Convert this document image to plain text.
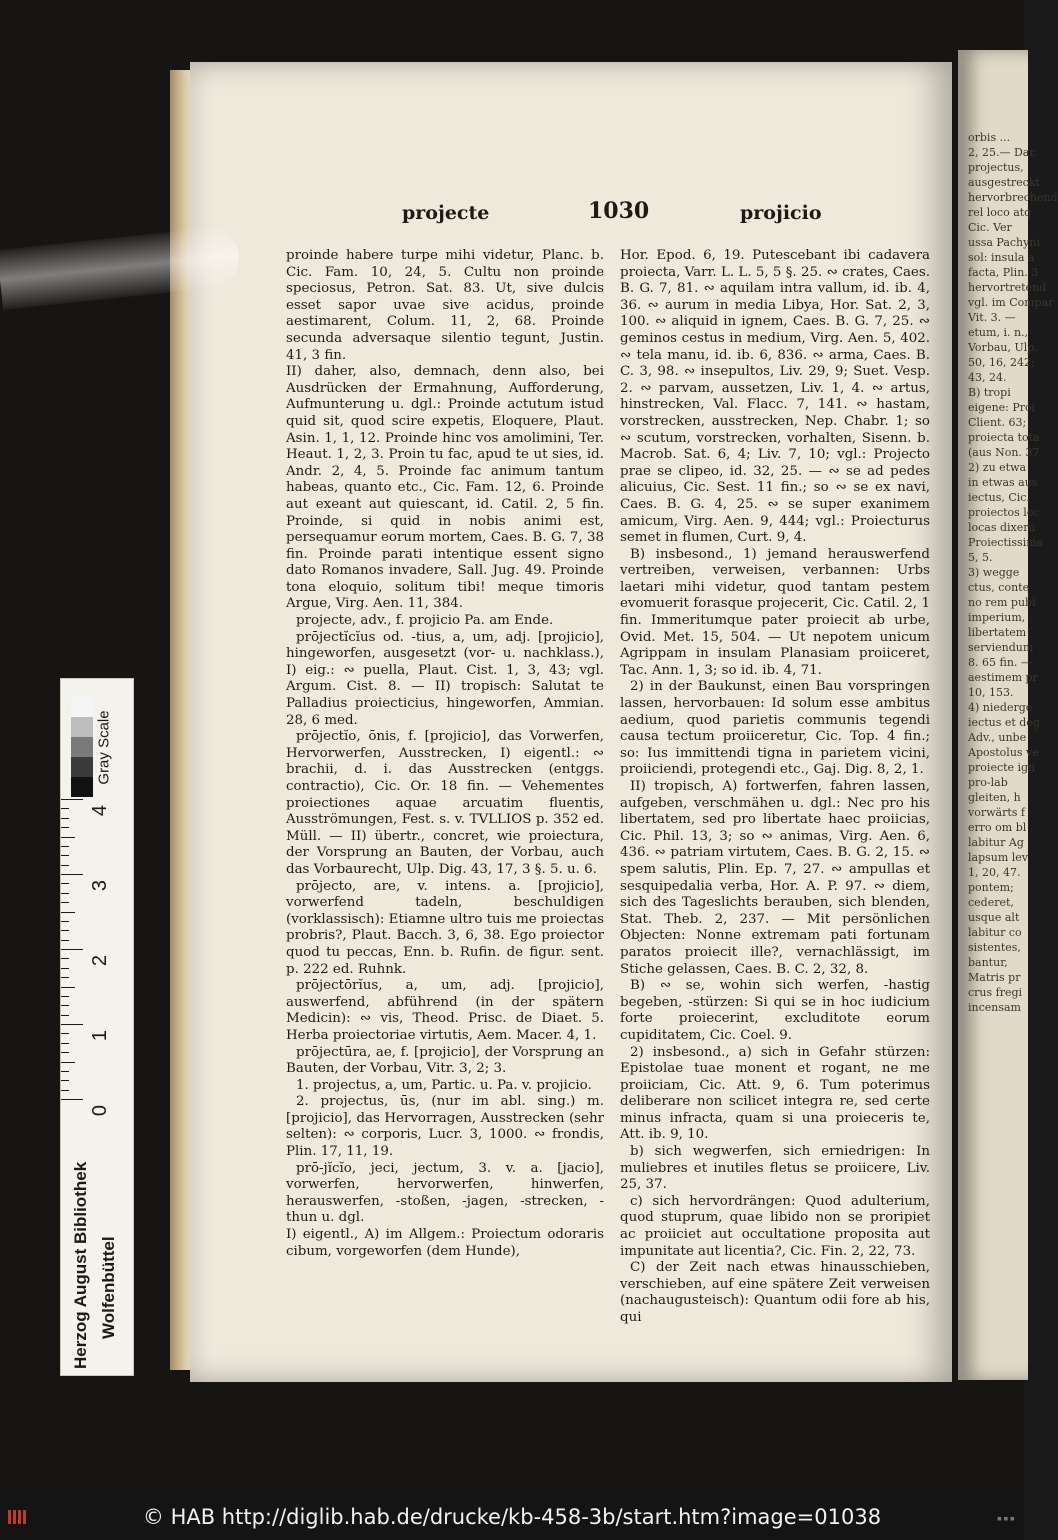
orbis ...
2, 25.— Dar.
projectus,
ausgestreckt
hervorbrechend
rel loco atq
Cic. Ver
ussa Pachyni
sol: insula a
facta, Plin. 3
hervortretend
vgl. im Compar
Vit. 3. —
etum, i. n.,
Vorbau, Ulp.
50, 16, 242;
43, 24.
B) tropi
eigene: Proi
Client. 63;
proiecta tota
(aus Non. 37
2) zu etwa
in etwas aus
iectus, Cic.
proiectos loc
locas dixeru
Proiectissima
5, 5.
3) wegge
ctus, conte
no rem publ
imperium,
libertatem
serviendum
8. 65 fin. —
aestimem pr
10, 153.
4) niederge
iectus et deg
Adv., unbe
Apostolus ve
proiecte ign
pro-lab
gleiten, h
vorwärts f
erro om bl
labitur Ag
lapsum lev
1, 20, 47.
pontem;
cederet,
usque alt
labitur co
sistentes,
bantur,
Matris pr
crus fregi
incensam
projecte	1030	projicio

proinde habere turpe mihi videtur, Planc. b. Cic. Fam. 10, 24, 5. Cultu non proinde speciosus, Petron. Sat. 83. Ut, sive dulcis esset sapor uvae sive acidus, proinde aestimarent, Colum. 11, 2, 68. Proinde secunda adversaque silentio tegunt, Justin. 41, 3 fin.

II) daher, also, demnach, denn also, bei Ausdrücken der Ermahnung, Aufforderung, Aufmunterung u. dgl.: Proinde actutum istud quid sit, quod scire expetis, Eloquere, Plaut. Asin. 1, 1, 12. Proinde hinc vos amolimini, Ter. Heaut. 1, 2, 3. Proin tu fac, apud te ut sies, id. Andr. 2, 4, 5. Proinde fac animum tantum habeas, quanto etc., Cic. Fam. 12, 6. Proinde aut exeant aut quiescant, id. Catil. 2, 5 fin. Proinde, si quid in nobis animi est, persequamur eorum mortem, Caes. B. G. 7, 38 fin. Proinde parati intentique essent signo dato Romanos invadere, Sall. Jug. 49. Proinde tona eloquio, solitum tibi! meque timoris Argue, Virg. Aen. 11, 384.

projecte, adv., f. projicio Pa. am Ende.

prōjectĭcĭus od. -tius, a, um, adj. [projicio], hingeworfen, ausgesetzt (vor- u. nachklass.), I) eig.: ∾ puella, Plaut. Cist. 1, 3, 43; vgl. Argum. Cist. 8. — II) tropisch: Salutat te Palladius proiecticius, hingeworfen, Ammian. 28, 6 med.

prōjectĭo, ōnis, f. [projicio], das Vorwerfen, Hervorwerfen, Ausstrecken, I) eigentl.: ∾ brachii, d. i. das Ausstrecken (entggs. contractio), Cic. Or. 18 fin. — Vehementes proiectiones aquae arcuatim fluentis, Ausströmungen, Fest. s. v. TVLLIOS p. 352 ed. Müll. — II) übertr., concret, wie proiectura, der Vorsprung an Bauten, der Vorbau, auch das Vorbaurecht, Ulp. Dig. 43, 17, 3 §. 5. u. 6.

prōjecto, are, v. intens. a. [projicio], vorwerfend tadeln, beschuldigen (vorklassisch): Etiamne ultro tuis me proiectas probris?, Plaut. Bacch. 3, 6, 38. Ego proiector quod tu peccas, Enn. b. Rufin. de figur. sent. p. 222 ed. Ruhnk.

prōjectōrĭus, a, um, adj. [projicio], auswerfend, abführend (in der spätern Medicin): ∾ vis, Theod. Prisc. de Diaet. 5. Herba proiectoriae virtutis, Aem. Macer. 4, 1.

prōjectūra, ae, f. [projicio], der Vorsprung an Bauten, der Vorbau, Vitr. 3, 2; 3.

1. projectus, a, um, Partic. u. Pa. v. projicio.

2. projectus, ūs, (nur im abl. sing.) m. [projicio], das Hervorragen, Ausstrecken (sehr selten): ∾ corporis, Lucr. 3, 1000. ∾ frondis, Plin. 17, 11, 19.

prō-jĭcĭo, jeci, jectum, 3. v. a. [jacio], vorwerfen, hervorwerfen, hinwerfen, herauswerfen, -stoßen, -jagen, -strecken, -thun u. dgl.

I) eigentl., A) im Allgem.: Proiectum odoraris cibum, vorgeworfen (dem Hunde),

Hor. Epod. 6, 19. Putescebant ibi cadavera proiecta, Varr. L. L. 5, 5 §. 25. ∾ crates, Caes. B. G. 7, 81. ∾ aquilam intra vallum, id. ib. 4, 36. ∾ aurum in media Libya, Hor. Sat. 2, 3, 100. ∾ aliquid in ignem, Caes. B. G. 7, 25. ∾ geminos cestus in medium, Virg. Aen. 5, 402. ∾ tela manu, id. ib. 6, 836. ∾ arma, Caes. B. C. 3, 98. ∾ insepultos, Liv. 29, 9; Suet. Vesp. 2. ∾ parvam, aussetzen, Liv. 1, 4. ∾ artus, hinstrecken, Val. Flacc. 7, 141. ∾ hastam, vorstrecken, ausstrecken, Nep. Chabr. 1; so ∾ scutum, vorstrecken, vorhalten, Sisenn. b. Macrob. Sat. 6, 4; Liv. 7, 10; vgl.: Projecto prae se clipeo, id. 32, 25. — ∾ se ad pedes alicuius, Cic. Sest. 11 fin.; so ∾ se ex navi, Caes. B. G. 4, 25. ∾ se super exanimem amicum, Virg. Aen. 9, 444; vgl.: Proiecturus semet in flumen, Curt. 9, 4.

B) insbesond., 1) jemand herauswerfend vertreiben, verweisen, verbannen: Urbs laetari mihi videtur, quod tantam pestem evomuerit forasque projecerit, Cic. Catil. 2, 1 fin. Immeritumque pater proiecit ab urbe, Ovid. Met. 15, 504. — Ut nepotem unicum Agrippam in insulam Planasiam proiiceret, Tac. Ann. 1, 3; so id. ib. 4, 71.

2) in der Baukunst, einen Bau vorspringen lassen, hervorbauen: Id solum esse ambitus aedium, quod parietis communis tegendi causa tectum proiiceretur, Cic. Top. 4 fin.; so: Ius immittendi tigna in parietem vicini, proiiciendi, protegendi etc., Gaj. Dig. 8, 2, 1.

II) tropisch, A) fortwerfen, fahren lassen, aufgeben, verschmähen u. dgl.: Nec pro his libertatem, sed pro libertate haec proiicias, Cic. Phil. 13, 3; so ∾ animas, Virg. Aen. 6, 436. ∾ patriam virtutem, Caes. B. G. 2, 15. ∾ spem salutis, Plin. Ep. 7, 27. ∾ ampullas et sesquipedalia verba, Hor. A. P. 97. ∾ diem, sich des Tageslichts berauben, sich blenden, Stat. Theb. 2, 237. — Mit persönlichen Objecten: Nonne extremam pati fortunam paratos proiecit ille?, vernachlässigt, im Stiche gelassen, Caes. B. C. 2, 32, 8.

B) ∾ se, wohin sich werfen, -hastig begeben, -stürzen: Si qui se in hoc iudicium forte proiecerint, excluditote eorum cupiditatem, Cic. Coel. 9.

2) insbesond., a) sich in Gefahr stürzen: Epistolae tuae monent et rogant, ne me proiiciam, Cic. Att. 9, 6. Tum poterimus deliberare non scilicet integra re, sed certe minus infracta, quam si una proieceris te, Att. ib. 9, 10.

b) sich wegwerfen, sich erniedrigen: In muliebres et inutiles fletus se proiicere, Liv. 25, 37.

c) sich hervordrängen: Quod adulterium, quod stuprum, quae libido non se proripiet ac proiiciet aut occultatione proposita aut impunitate aut licentia?, Cic. Fin. 2, 22, 73.

C) der Zeit nach etwas hinausschieben, verschieben, auf eine spätere Zeit verweisen (nachaugusteisch): Quantum odii fore ab his, qui

Gray Scale
4
3
2
1
0
Herzog August Bibliothek Wolfenbüttel
© HAB http://diglib.hab.de/drucke/kb-458-3b/start.htm?image=01038	▪▪▪
